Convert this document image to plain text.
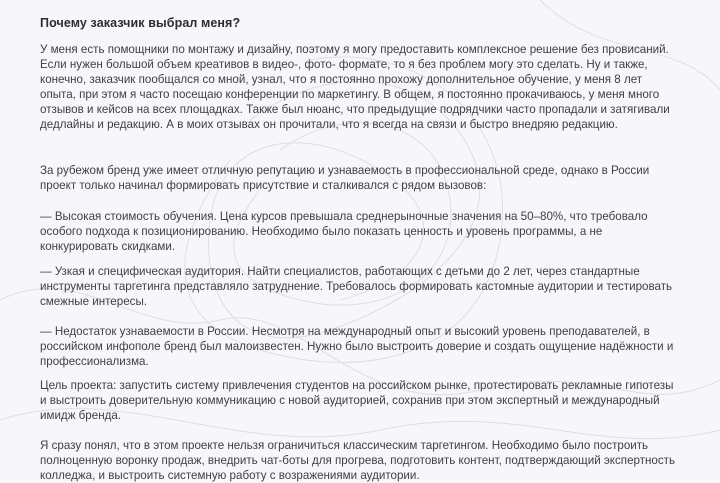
Почему заказчик выбрал меня?

У меня есть помощники по монтажу и дизайну, поэтому я могу предоставить комплексное решение без провисаний. Если нужен большой объем креативов в видео-, фото- формате, то я без проблем могу это сделать. Ну и также, конечно, заказчик пообщался со мной, узнал, что я постоянно прохожу дополнительное обучение, у меня 8 лет опыта, при этом я часто посещаю конференции по маркетингу. В общем, я постоянно прокачиваюсь, у меня много отзывов и кейсов на всех площадках. Также был нюанс, что предыдущие подрядчики часто пропадали и затягивали дедлайны и редакцию. А в моих отзывах он прочитали, что я всегда на связи и быстро внедряю редакцию.

За рубежом бренд уже имеет отличную репутацию и узнаваемость в профессиональной среде, однако в России проект только начинал формировать присутствие и сталкивался с рядом вызовов:

— Высокая стоимость обучения. Цена курсов превышала среднерыночные значения на 50–80%, что требовало особого подхода к позиционированию. Необходимо было показать ценность и уровень программы, а не конкурировать скидками.

— Узкая и специфическая аудитория. Найти специалистов, работающих с детьми до 2 лет, через стандартные инструменты таргетинга представляло затруднение. Требовалось формировать кастомные аудитории и тестировать смежные интересы.

— Недостаток узнаваемости в России. Несмотря на международный опыт и высокий уровень преподавателей, в российском инфополе бренд был малоизвестен. Нужно было выстроить доверие и создать ощущение надёжности и профессионализма.

Цель проекта: запустить систему привлечения студентов на российском рынке, протестировать рекламные гипотезы и выстроить доверительную коммуникацию с новой аудиторией, сохранив при этом экспертный и международный имидж бренда.

Я сразу понял, что в этом проекте нельзя ограничиться классическим таргетингом. Необходимо было построить полноценную воронку продаж, внедрить чат-боты для прогрева, подготовить контент, подтверждающий экспертность колледжа, и выстроить системную работу с возражениями аудитории.
